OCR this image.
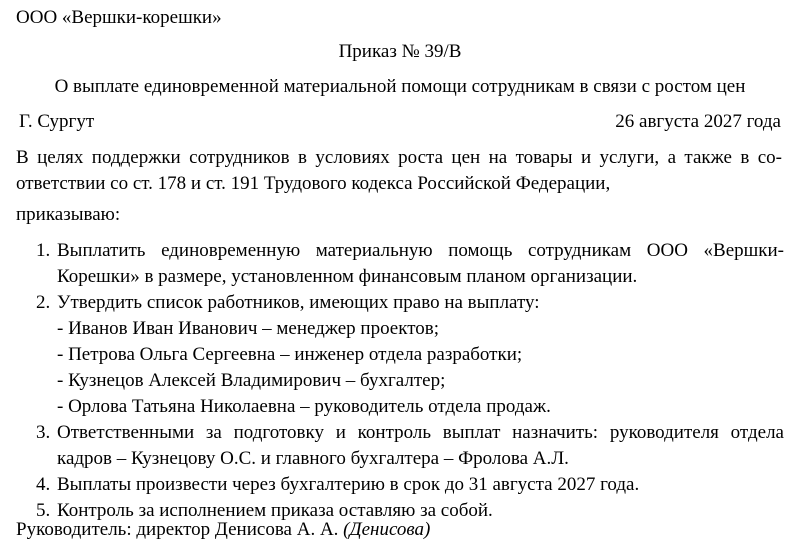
ООО «Вершки-корешки»
Приказ № 39/В
О выплате единовременной материальной помощи сотрудникам в связи с ростом цен
Г. Сургут	26 августа 2027 года
В целях поддержки сотрудников в условиях роста цен на товары и услуги, а также в со-ответствии со ст. 178 и ст. 191 Трудового кодекса Российской Федерации,
приказываю:
1. Выплатить единовременную материальную помощь сотрудникам ООО «Вершки-Корешки» в размере, установленном финансовым планом организации.
2. Утвердить список работников, имеющих право на выплату:
- Иванов Иван Иванович – менеджер проектов;
- Петрова Ольга Сергеевна – инженер отдела разработки;
- Кузнецов Алексей Владимирович – бухгалтер;
- Орлова Татьяна Николаевна – руководитель отдела продаж.
3. Ответственными за подготовку и контроль выплат назначить: руководителя отдела кадров – Кузнецову О.С. и главного бухгалтера – Фролова А.Л.
4. Выплаты произвести через бухгалтерию в срок до 31 августа 2027 года.
5. Контроль за исполнением приказа оставляю за собой.
Руководитель: директор Денисова А. А. (Денисова)
